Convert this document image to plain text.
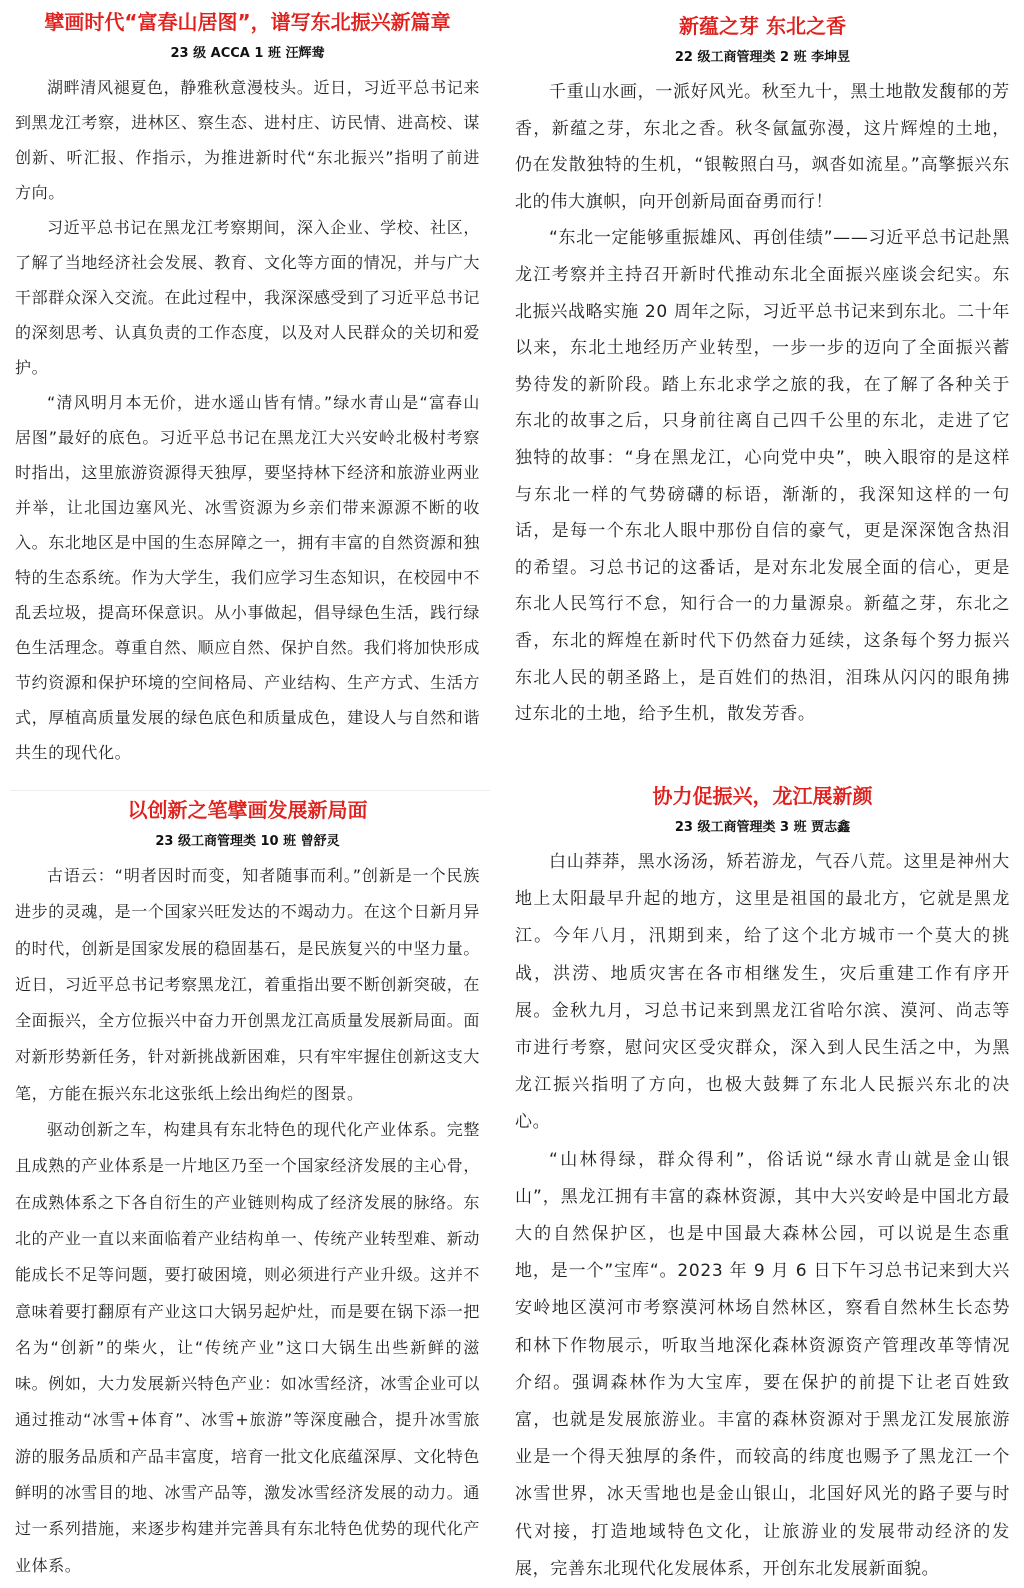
擘画时代“富春山居图”，谱写东北振兴新篇章
23 级 ACCA 1 班 汪辉鸯

湖畔清风褪夏色，静雅秋意漫枝头。近日，习近平总书记来到黑龙江考察，进林区、察生态、进村庄、访民情、进高校、谋创新、听汇报、作指示，为推进新时代“东北振兴”指明了前进方向。

习近平总书记在黑龙江考察期间，深入企业、学校、社区，了解了当地经济社会发展、教育、文化等方面的情况，并与广大干部群众深入交流。在此过程中，我深深感受到了习近平总书记的深刻思考、认真负责的工作态度，以及对人民群众的关切和爱护。

“清风明月本无价，进水遥山皆有情。”绿水青山是“富春山居图”最好的底色。习近平总书记在黑龙江大兴安岭北极村考察时指出，这里旅游资源得天独厚，要坚持林下经济和旅游业两业并举，让北国边塞风光、冰雪资源为乡亲们带来源源不断的收入。东北地区是中国的生态屏障之一，拥有丰富的自然资源和独特的生态系统。作为大学生，我们应学习生态知识，在校园中不乱丢垃圾，提高环保意识。从小事做起，倡导绿色生活，践行绿色生活理念。尊重自然、顺应自然、保护自然。我们将加快形成节约资源和保护环境的空间格局、产业结构、生产方式、生活方式，厚植高质量发展的绿色底色和质量成色，建设人与自然和谐共生的现代化。

新蕴之芽 东北之香
22 级工商管理类 2 班 李坤昱

千重山水画，一派好风光。秋至九十，黑土地散发馥郁的芳香，新蕴之芽，东北之香。秋冬氤氲弥漫，这片辉煌的土地，仍在发散独特的生机，“银鞍照白马，飒沓如流星。”高擎振兴东北的伟大旗帜，向开创新局面奋勇而行！

“东北一定能够重振雄风、再创佳绩”——习近平总书记赴黑龙江考察并主持召开新时代推动东北全面振兴座谈会纪实。东北振兴战略实施 20 周年之际，习近平总书记来到东北。二十年以来，东北土地经历产业转型，一步一步的迈向了全面振兴蓄势待发的新阶段。踏上东北求学之旅的我，在了解了各种关于东北的故事之后，只身前往离自己四千公里的东北，走进了它独特的故事：“身在黑龙江，心向党中央”，映入眼帘的是这样与东北一样的气势磅礴的标语，渐渐的，我深知这样的一句话，是每一个东北人眼中那份自信的豪气，更是深深饱含热泪的希望。习总书记的这番话，是对东北发展全面的信心，更是东北人民笃行不怠，知行合一的力量源泉。新蕴之芽，东北之香，东北的辉煌在新时代下仍然奋力延续，这条每个努力振兴东北人民的朝圣路上，是百姓们的热泪，泪珠从闪闪的眼角拂过东北的土地，给予生机，散发芳香。

以创新之笔擘画发展新局面
23 级工商管理类 10 班 曾舒灵

古语云：“明者因时而变，知者随事而利。”创新是一个民族进步的灵魂，是一个国家兴旺发达的不竭动力。在这个日新月异的时代，创新是国家发展的稳固基石，是民族复兴的中坚力量。近日，习近平总书记考察黑龙江，着重指出要不断创新突破，在全面振兴，全方位振兴中奋力开创黑龙江高质量发展新局面。面对新形势新任务，针对新挑战新困难，只有牢牢握住创新这支大笔，方能在振兴东北这张纸上绘出绚烂的图景。

驱动创新之车，构建具有东北特色的现代化产业体系。完整且成熟的产业体系是一片地区乃至一个国家经济发展的主心骨，在成熟体系之下各自衍生的产业链则构成了经济发展的脉络。东北的产业一直以来面临着产业结构单一、传统产业转型难、新动能成长不足等问题，要打破困境，则必须进行产业升级。这并不意味着要打翻原有产业这口大锅另起炉灶，而是要在锅下添一把名为“创新”的柴火，让“传统产业”这口大锅生出些新鲜的滋味。例如，大力发展新兴特色产业：如冰雪经济，冰雪企业可以通过推动“冰雪+体育”、冰雪+旅游”等深度融合，提升冰雪旅游的服务品质和产品丰富度，培育一批文化底蕴深厚、文化特色鲜明的冰雪目的地、冰雪产品等，激发冰雪经济发展的动力。通过一系列措施，来逐步构建并完善具有东北特色优势的现代化产业体系。

协力促振兴，龙江展新颜
23 级工商管理类 3 班 贾志鑫

白山莽莽，黑水汤汤，矫若游龙，气吞八荒。这里是神州大地上太阳最早升起的地方，这里是祖国的最北方，它就是黑龙江。今年八月，汛期到来，给了这个北方城市一个莫大的挑战，洪涝、地质灾害在各市相继发生，灾后重建工作有序开展。金秋九月，习总书记来到黑龙江省哈尔滨、漠河、尚志等市进行考察，慰问灾区受灾群众，深入到人民生活之中，为黑龙江振兴指明了方向，也极大鼓舞了东北人民振兴东北的决心。

“山林得绿，群众得利”，俗话说“绿水青山就是金山银山”，黑龙江拥有丰富的森林资源，其中大兴安岭是中国北方最大的自然保护区，也是中国最大森林公园，可以说是生态重地，是一个”宝库“。2023 年 9 月 6 日下午习总书记来到大兴安岭地区漠河市考察漠河林场自然林区，察看自然林生长态势和林下作物展示，听取当地深化森林资源资产管理改革等情况介绍。强调森林作为大宝库，要在保护的前提下让老百姓致富，也就是发展旅游业。丰富的森林资源对于黑龙江发展旅游业是一个得天独厚的条件，而较高的纬度也赐予了黑龙江一个冰雪世界，冰天雪地也是金山银山，北国好风光的路子要与时代对接，打造地域特色文化，让旅游业的发展带动经济的发展，完善东北现代化发展体系，开创东北发展新面貌。
